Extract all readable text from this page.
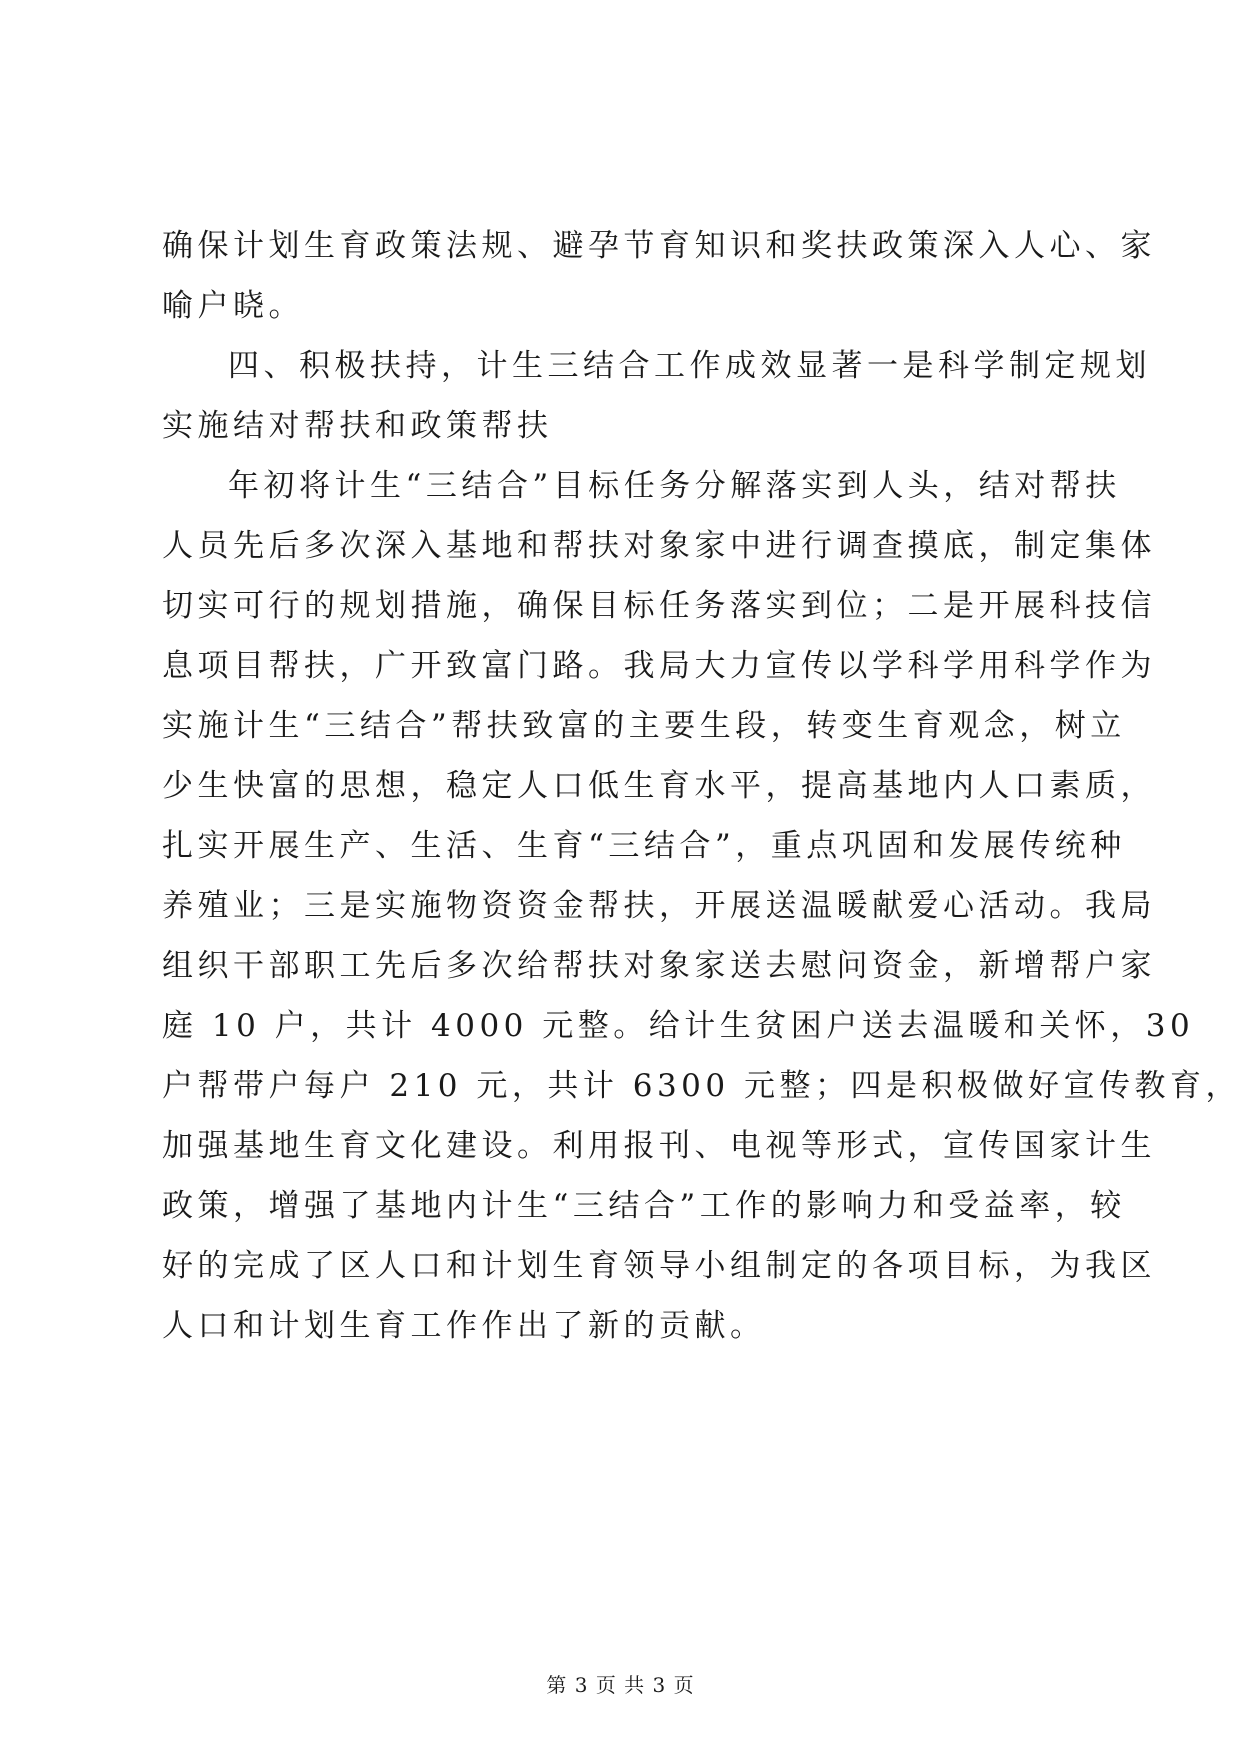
确保计划生育政策法规、避孕节育知识和奖扶政策深入人心、家
喻户晓。
四、积极扶持，计生三结合工作成效显著一是科学制定规划
实施结对帮扶和政策帮扶
年初将计生“三结合”目标任务分解落实到人头，结对帮扶
人员先后多次深入基地和帮扶对象家中进行调查摸底，制定集体
切实可行的规划措施，确保目标任务落实到位；二是开展科技信
息项目帮扶，广开致富门路。我局大力宣传以学科学用科学作为
实施计生“三结合”帮扶致富的主要生段，转变生育观念，树立
少生快富的思想，稳定人口低生育水平，提高基地内人口素质，
扎实开展生产、生活、生育“三结合”，重点巩固和发展传统种
养殖业；三是实施物资资金帮扶，开展送温暖献爱心活动。我局
组织干部职工先后多次给帮扶对象家送去慰问资金，新增帮户家
庭 10 户，共计 4000 元整。给计生贫困户送去温暖和关怀，30
户帮带户每户 210 元，共计 6300 元整；四是积极做好宣传教育，
加强基地生育文化建设。利用报刊、电视等形式，宣传国家计生
政策，增强了基地内计生“三结合”工作的影响力和受益率，较
好的完成了区人口和计划生育领导小组制定的各项目标，为我区
人口和计划生育工作作出了新的贡献。
第 3 页 共 3 页
